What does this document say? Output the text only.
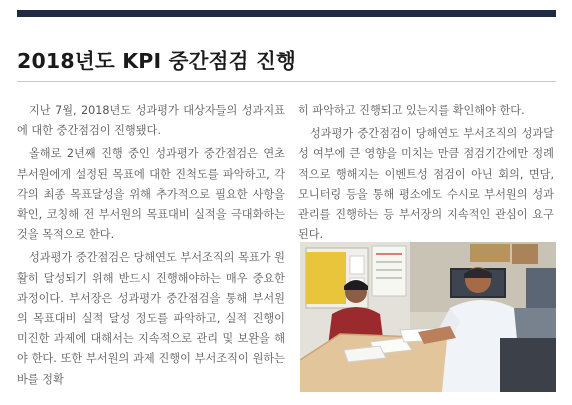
2018년도 KPI 중간점검 진행

지난 7월, 2018년도 성과평가 대상자들의 성과지표에 대한 중간점검이 진행됐다.

올해로 2년째 진행 중인 성과평가 중간점검은 연초 부서원에게 설정된 목표에 대한 진척도를 파악하고, 각각의 최종 목표달성을 위해 추가적으로 필요한 사항을 확인, 코칭해 전 부서원의 목표대비 실적을 극대화하는 것을 목적으로 한다.

성과평가 중간점검은 당해연도 부서조직의 목표가 원활히 달성되기 위해 반드시 진행해야하는 매우 중요한 과정이다. 부서장은 성과평가 중간점검을 통해 부서원의 목표대비 실적 달성 정도를 파악하고, 실적 진행이 미진한 과제에 대해서는 지속적으로 관리 및 보완을 해야 한다. 또한 부서원의 과제 진행이 부서조직이 원하는 바를 정확

히 파악하고 진행되고 있는지를 확인해야 한다.

성과평가 중간점검이 당해연도 부서조직의 성과달성 여부에 큰 영향을 미치는 만큼 점검기간에만 정례적으로 행해지는 이벤트성 점검이 아닌 회의, 면담, 모니터링 등을 통해 평소에도 수시로 부서원의 성과관리를 진행하는 등 부서장의 지속적인 관심이 요구된다.
